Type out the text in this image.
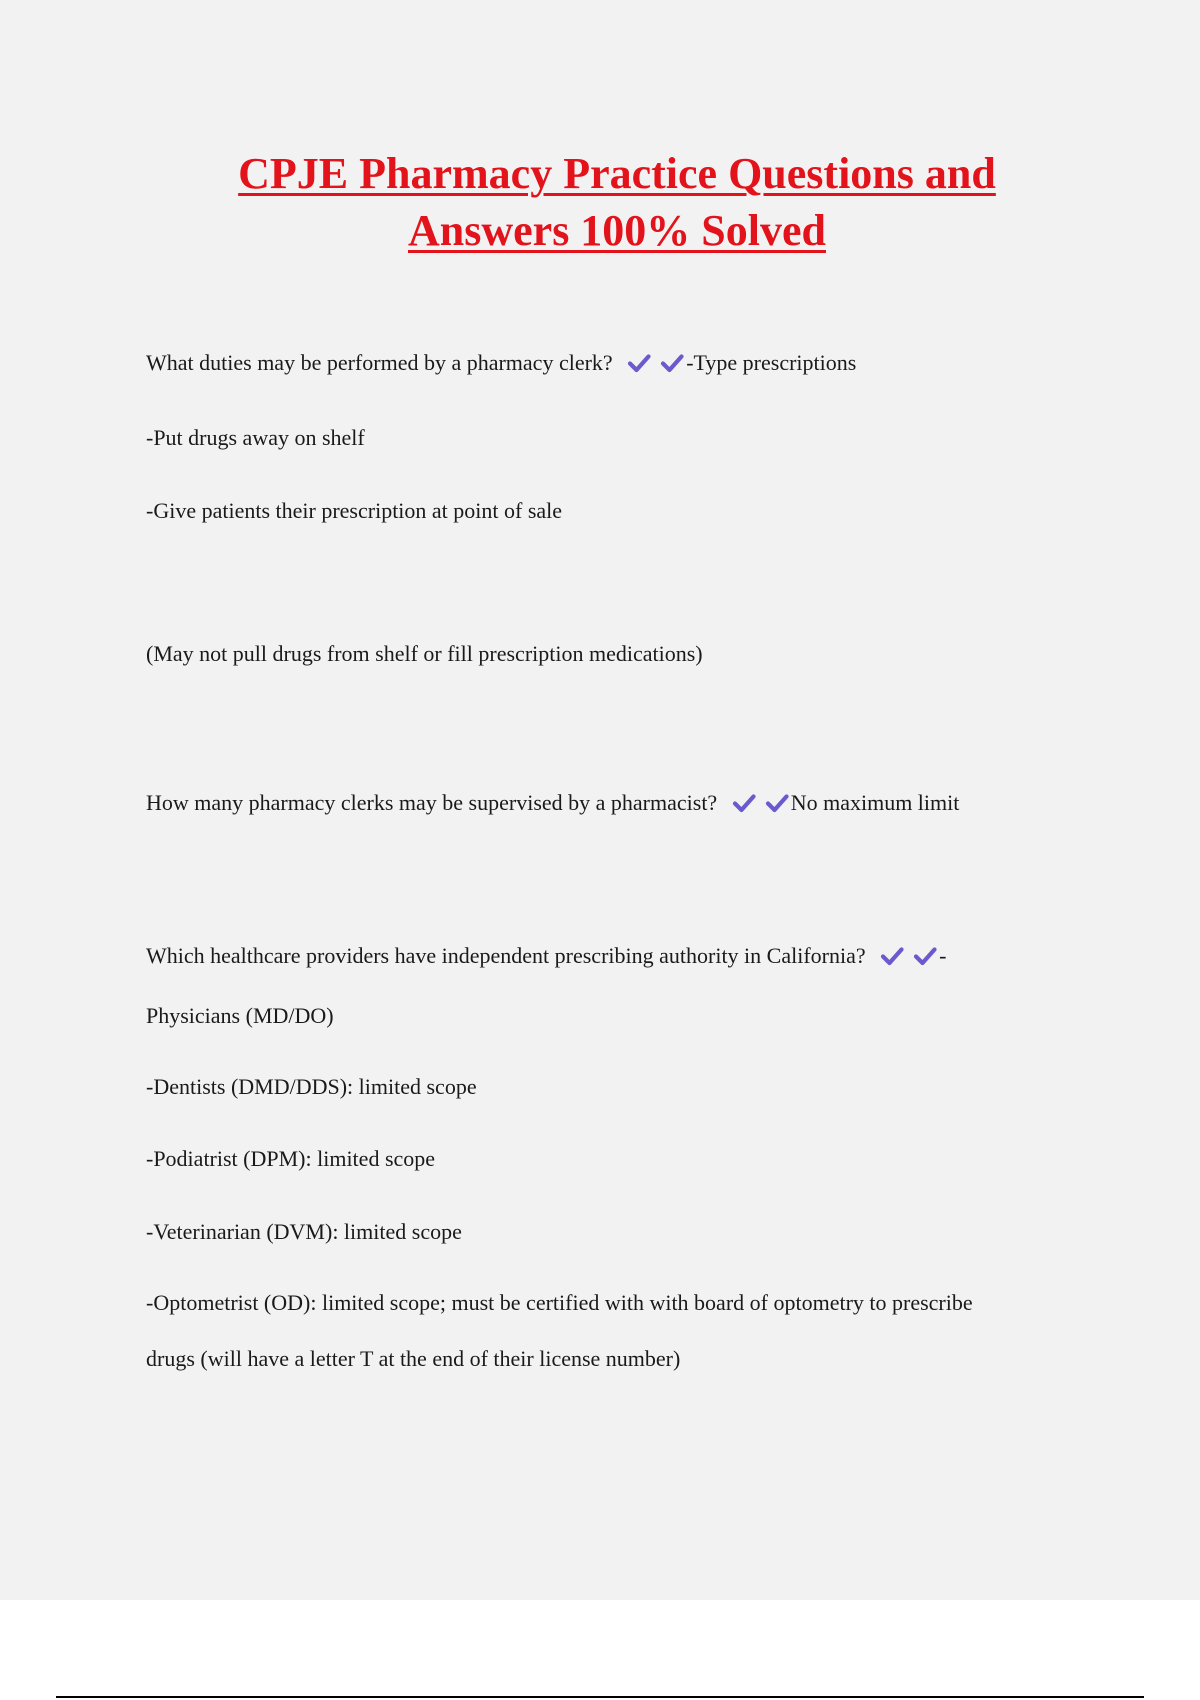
CPJE Pharmacy Practice Questions and
Answers 100% Solved

What duties may be performed by a pharmacy clerk?	-Type prescriptions

-Put drugs away on shelf

-Give patients their prescription at point of sale

(May not pull drugs from shelf or fill prescription medications)

How many pharmacy clerks may be supervised by a pharmacist?	No maximum limit

Which healthcare providers have independent prescribing authority in California?	-

Physicians (MD/DO)

-Dentists (DMD/DDS): limited scope

-Podiatrist (DPM): limited scope

-Veterinarian (DVM): limited scope

-Optometrist (OD): limited scope; must be certified with with board of optometry to prescribe

drugs (will have a letter T at the end of their license number)
